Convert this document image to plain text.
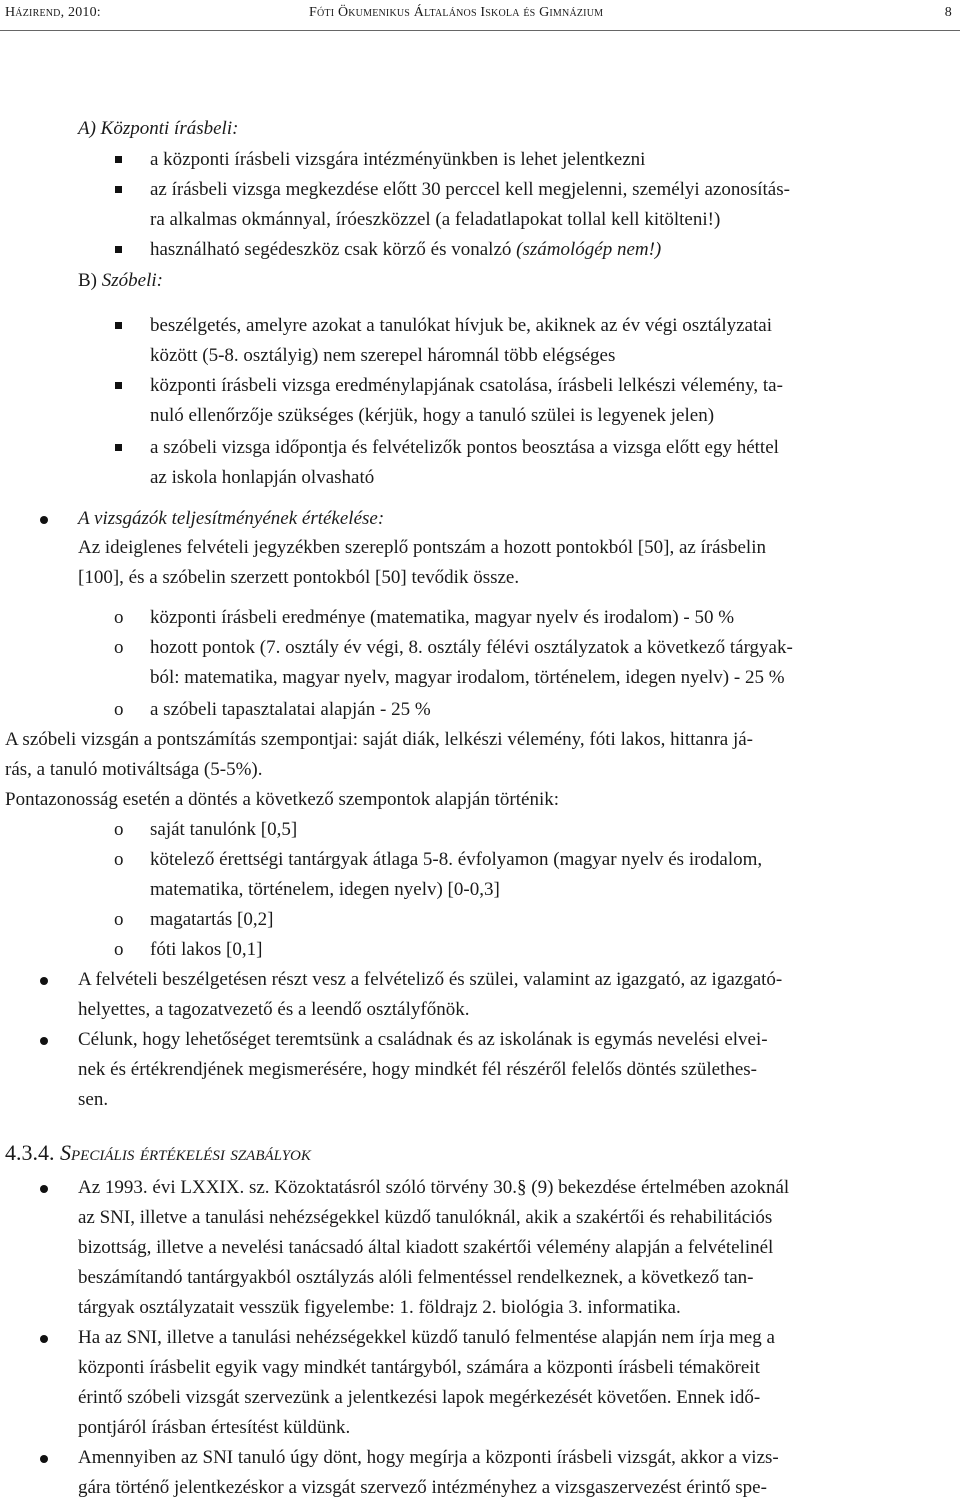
Házirend, 2010:	Fóti Ökumenikus Általános Iskola és Gimnázium	8
A) Központi írásbeli:
a központi írásbeli vizsgára intézményünkben is lehet jelentkezni
az írásbeli vizsga megkezdése előtt 30 perccel kell megjelenni, személyi azonosítás-
ra alkalmas okmánnyal, íróeszközzel (a feladatlapokat tollal kell kitölteni!)
használható segédeszköz csak körző és vonalzó (számológép nem!)
B) Szóbeli:
beszélgetés, amelyre azokat a tanulókat hívjuk be, akiknek az év végi osztályzatai
között (5-8. osztályig) nem szerepel háromnál több elégséges
központi írásbeli vizsga eredménylapjának csatolása, írásbeli lelkészi vélemény, ta-
nuló ellenőrzője szükséges (kérjük, hogy a tanuló szülei is legyenek jelen)
a szóbeli vizsga időpontja és felvételizők pontos beosztása a vizsga előtt egy héttel
az iskola honlapján olvasható
A vizsgázók teljesítményének értékelése:
Az ideiglenes felvételi jegyzékben szereplő pontszám a hozott pontokból [50], az írásbelin
[100], és a szóbelin szerzett pontokból [50] tevődik össze.
o központi írásbeli eredménye (matematika, magyar nyelv és irodalom) - 50 %
o hozott pontok (7. osztály év végi, 8. osztály félévi osztályzatok a következő tárgyak-
ból: matematika, magyar nyelv, magyar irodalom, történelem, idegen nyelv) - 25 %
o a szóbeli tapasztalatai alapján - 25 %
A szóbeli vizsgán a pontszámítás szempontjai: saját diák, lelkészi vélemény, fóti lakos, hittanra já-
rás, a tanuló motiváltsága (5-5%).
Pontazonosság esetén a döntés a következő szempontok alapján történik:
o saját tanulónk [0,5]
o kötelező érettségi tantárgyak átlaga 5-8. évfolyamon (magyar nyelv és irodalom,
matematika, történelem, idegen nyelv) [0-0,3]
o magatartás [0,2]
o fóti lakos [0,1]
A felvételi beszélgetésen részt vesz a felvételiző és szülei, valamint az igazgató, az igazgató-
helyettes, a tagozatvezető és a leendő osztályfőnök.
Célunk, hogy lehetőséget teremtsünk a családnak és az iskolának is egymás nevelési elvei-
nek és értékrendjének megismerésére, hogy mindkét fél részéről felelős döntés születhes-
sen.
4.3.4. Speciális értékelési szabályok
Az 1993. évi LXXIX. sz. Közoktatásról szóló törvény 30.§ (9) bekezdése értelmében azoknál
az SNI, illetve a tanulási nehézségekkel küzdő tanulóknál, akik a szakértői és rehabilitációs
bizottság, illetve a nevelési tanácsadó által kiadott szakértői vélemény alapján a felvételinél
beszámítandó tantárgyakból osztályzás alóli felmentéssel rendelkeznek, a következő tan-
tárgyak osztályzatait vesszük figyelembe: 1. földrajz 2. biológia 3. informatika.
Ha az SNI, illetve a tanulási nehézségekkel küzdő tanuló felmentése alapján nem írja meg a
központi írásbelit egyik vagy mindkét tantárgyból, számára a központi írásbeli témaköreit
érintő szóbeli vizsgát szervezünk a jelentkezési lapok megérkezését követően. Ennek idő-
pontjáról írásban értesítést küldünk.
Amennyiben az SNI tanuló úgy dönt, hogy megírja a központi írásbeli vizsgát, akkor a vizs-
gára történő jelentkezéskor a vizsgát szervező intézményhez a vizsgaszervezést érintő spe-
